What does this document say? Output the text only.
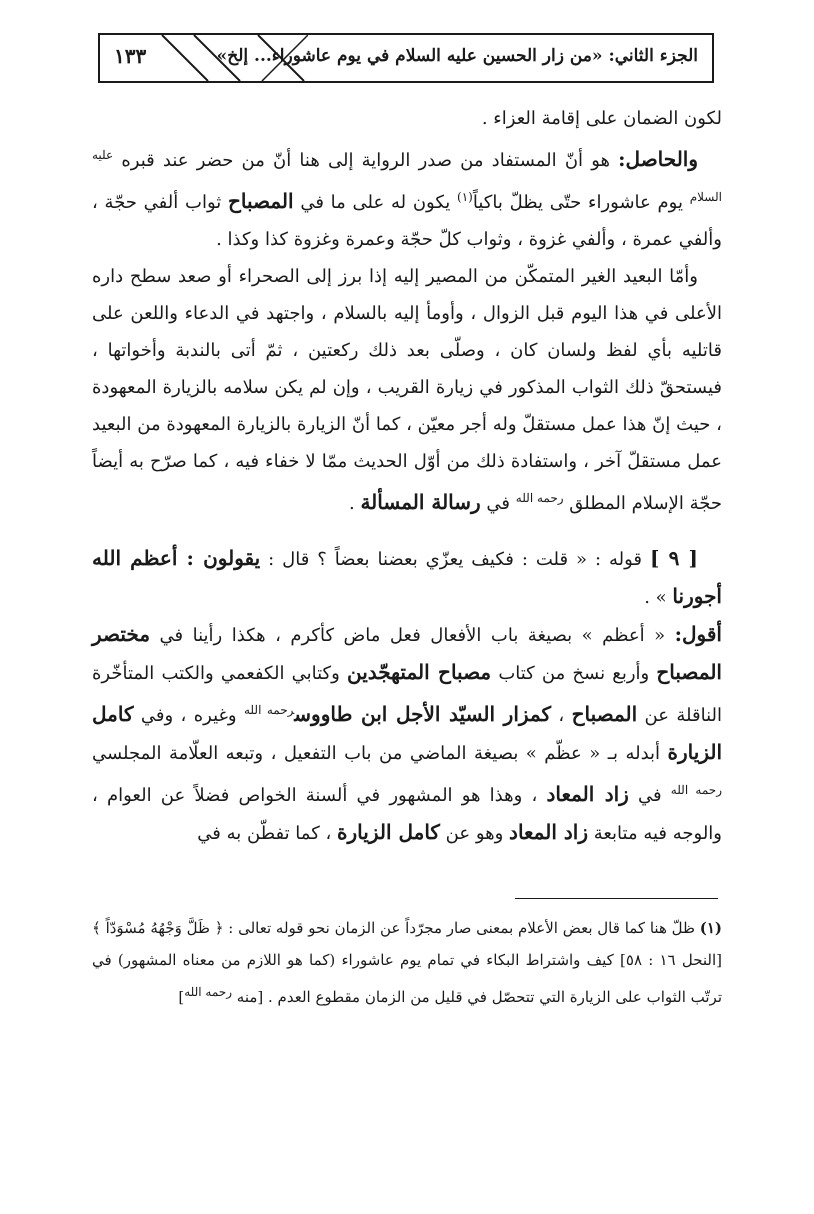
الجزء الثاني: «من زار الحسين عليه السلام في يوم عاشوراء... إلخ»
١٣٣

لكون الضمان على إقامة العزاء .

والحاصل: هو أنّ المستفاد من صدر الرواية إلى هنا أنّ من حضر عند قبره $^{عليه السلام}$ يوم عاشوراء حتّى يظلّ باكياً$^{(١)}$ يكون له على ما في المصباح ثواب ألفي حجّة ، وألفي عمرة ، وألفي غزوة ، وثواب كلّ حجّة وعمرة وغزوة كذا وكذا .

وأمّا البعيد الغير المتمكّن من المصير إليه إذا برز إلى الصحراء أو صعد سطح داره الأعلى في هذا اليوم قبل الزوال ، وأومأ إليه بالسلام ، واجتهد في الدعاء واللعن على قاتليه بأي لفظ ولسان كان ، وصلّى بعد ذلك ركعتين ، ثمّ أتى بالندبة وأخواتها ، فيستحقّ ذلك الثواب المذكور في زيارة القريب ، وإن لم يكن سلامه بالزيارة المعهودة ، حيث إنّ هذا عمل مستقلّ وله أجر معيّن ، كما أنّ الزيارة بالزيارة المعهودة من البعيد عمل مستقلّ آخر ، واستفادة ذلك من أوّل الحديث ممّا لا خفاء فيه ، كما صرّح به أيضاً حجّة الإسلام المطلق $^{رحمه الله}$ في رسالة المسألة .

[ ٩ ] قوله : « قلت : فكيف يعزّي بعضنا بعضاً ؟ قال : يقولون : أعظم الله أجورنا » .

أقول: « أعظم » بصيغة باب الأفعال فعل ماض كأكرم ، هكذا رأينا في مختصر المصباح وأربع نسخ من كتاب مصباح المتهجّدين وكتابي الكفعمي والكتب المتأخّرة الناقلة عن المصباح ، كمزار السيّد الأجل ابن طاووس$^{رحمه الله}$ وغيره ، وفي كامل الزيارة أبدله بـ « عظّم » بصيغة الماضي من باب التفعيل ، وتبعه العلّامة المجلسي $^{رحمه الله}$ في زاد المعاد ، وهذا هو المشهور في ألسنة الخواص فضلاً عن العوام ، والوجه فيه متابعة زاد المعاد وهو عن كامل الزيارة ، كما تفطّن به في

(١) ظلّ هنا كما قال بعض الأعلام بمعنى صار مجرّداً عن الزمان نحو قوله تعالى : ﴿ ظَلَّ وَجْهُهُ مُسْوَدّاً ﴾ [النحل ١٦ : ٥٨] كيف واشتراط البكاء في تمام يوم عاشوراء (كما هو اللازم من معناه المشهور) في ترتّب الثواب على الزيارة التي تتحصّل في قليل من الزمان مقطوع العدم . [منه $^{رحمه الله}$]
